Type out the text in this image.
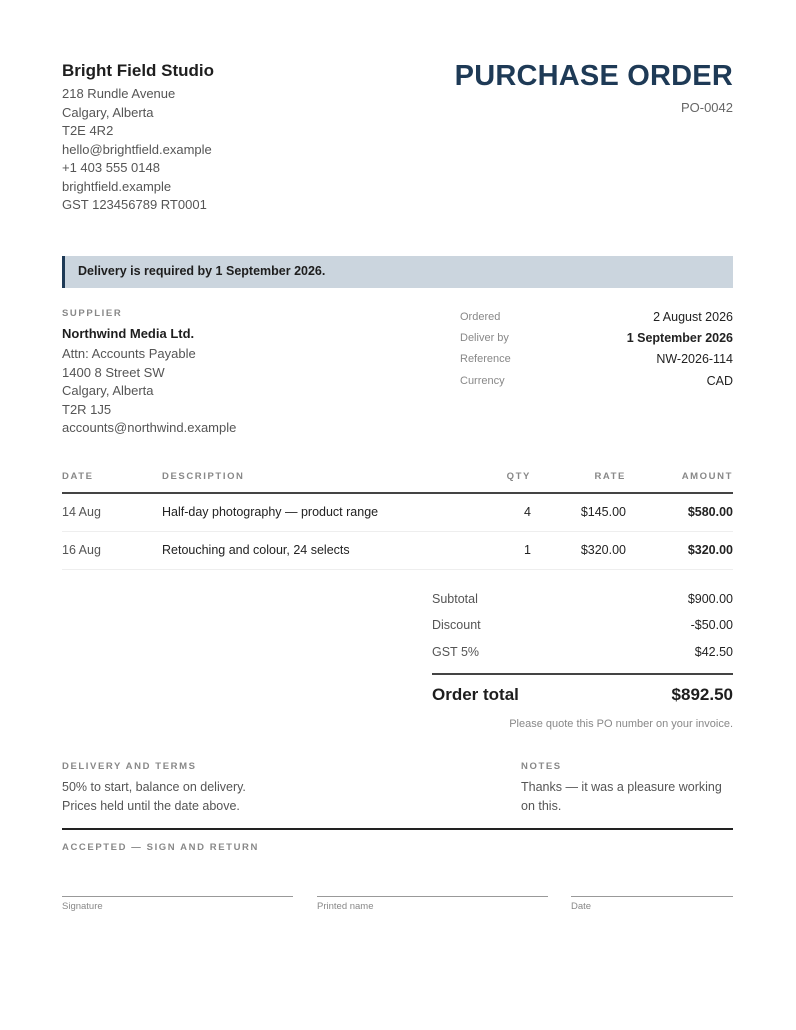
Bright Field Studio
218 Rundle Avenue
Calgary, Alberta
T2E 4R2
hello@brightfield.example
+1 403 555 0148
brightfield.example
GST 123456789 RT0001
PURCHASE ORDER
PO-0042
Delivery is required by 1 September 2026.
SUPPLIER
Northwind Media Ltd.
Attn: Accounts Payable
1400 8 Street SW
Calgary, Alberta
T2R 1J5
accounts@northwind.example
Ordered	2 August 2026
Deliver by	1 September 2026
Reference	NW-2026-114
Currency	CAD
DATE	DESCRIPTION	QTY	RATE	AMOUNT
14 Aug	Half-day photography — product range	4	$145.00	$580.00
16 Aug	Retouching and colour, 24 selects	1	$320.00	$320.00
Subtotal	$900.00
Discount	-$50.00
GST 5%	$42.50
Order total	$892.50
Please quote this PO number on your invoice.
DELIVERY AND TERMS
50% to start, balance on delivery.
Prices held until the date above.
NOTES
Thanks — it was a pleasure working on this.
ACCEPTED — SIGN AND RETURN
Signature	Printed name	Date
